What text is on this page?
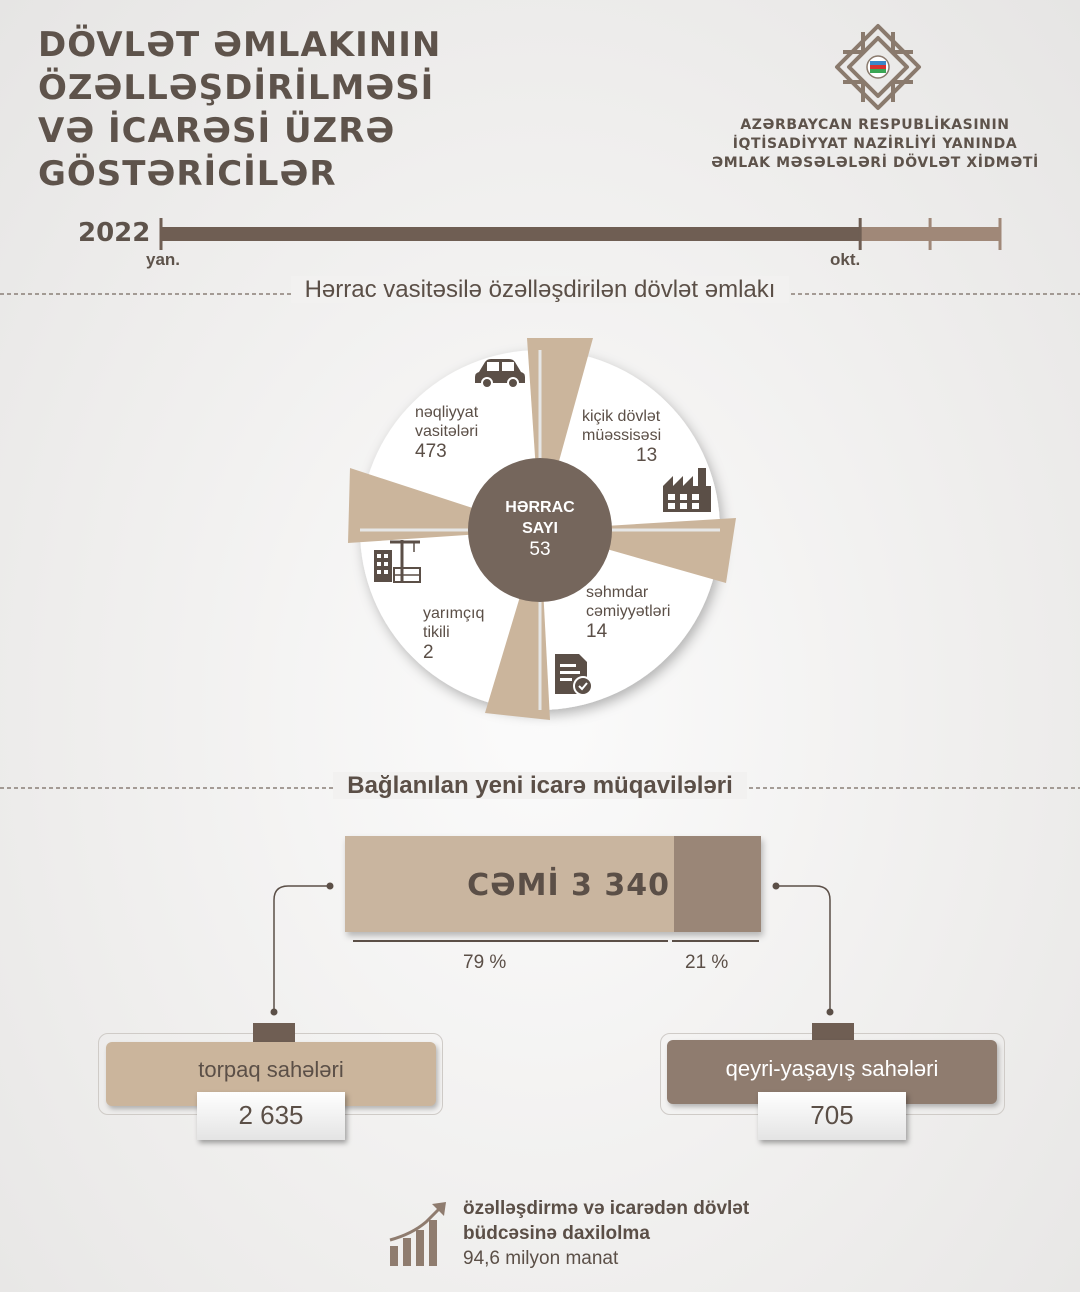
DÖVLƏT ƏMLAKININ
ÖZƏLLƏŞDİRİLMƏSİ
VƏ İCARƏSİ ÜZRƏ
GÖSTƏRİCİLƏR
AZƏRBAYCAN RESPUBLİKASININ
İQTİSADİYYAT NAZİRLİYİ YANINDA
ƏMLAK MƏSƏLƏLƏRİ DÖVLƏT XİDMƏTİ
2022
yan.	okt.
Hərrac vasitəsilə özəlləşdirilən dövlət əmlakı
nəqliyyat
vasitələri
473
kiçik dövlət
müəssisəsi
13
səhmdar
cəmiyyətləri
14
yarımçıq
tikili
2
HƏRRAC
SAYI
53
Bağlanılan yeni icarə müqavilələri
CƏMİ 3 340
79 %	21 %
torpaq sahələri
2 635
qeyri-yaşayış sahələri
705
özəlləşdirmə və icarədən dövlət
büdcəsinə daxilolma
94,6 milyon manat
